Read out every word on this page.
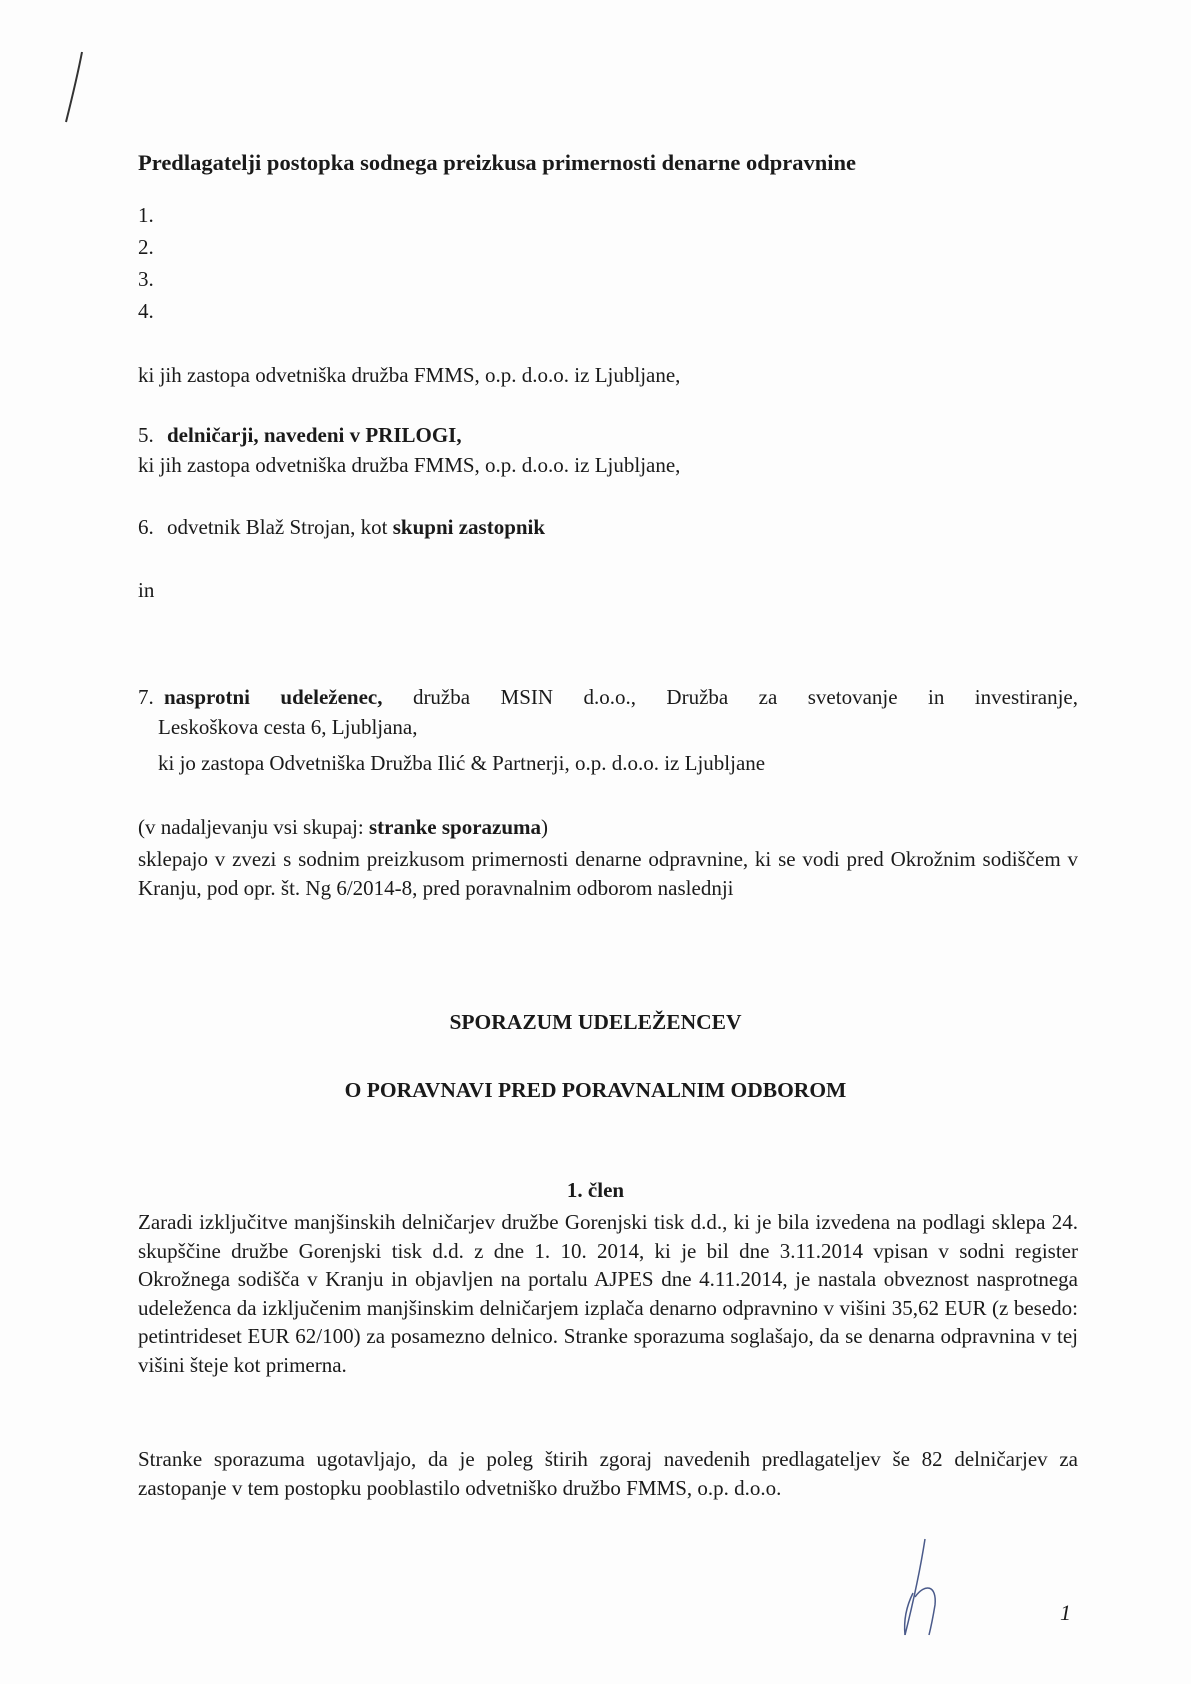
Predlagatelji postopka sodnega preizkusa primernosti denarne odpravnine
1.
2.
3.
4.
ki jih zastopa odvetniška družba FMMS, o.p. d.o.o. iz Ljubljane,
5. delničarji, navedeni v PRILOGI,
ki jih zastopa odvetniška družba FMMS, o.p. d.o.o. iz Ljubljane,
6. odvetnik Blaž Strojan, kot skupni zastopnik
in
7. nasprotni udeleženec, družba MSIN d.o.o., Družba za svetovanje in investiranje,
Leskoškova cesta 6, Ljubljana,
ki jo zastopa Odvetniška Družba Ilić & Partnerji, o.p. d.o.o. iz Ljubljane
(v nadaljevanju vsi skupaj: stranke sporazuma)
sklepajo v zvezi s sodnim preizkusom primernosti denarne odpravnine, ki se vodi pred Okrožnim sodiščem v Kranju, pod opr. št. Ng 6/2014-8, pred poravnalnim odborom naslednji
SPORAZUM UDELEŽENCEV
O PORAVNAVI PRED PORAVNALNIM ODBOROM
1. člen
Zaradi izključitve manjšinskih delničarjev družbe Gorenjski tisk d.d., ki je bila izvedena na podlagi sklepa 24. skupščine družbe Gorenjski tisk d.d. z dne 1. 10. 2014, ki je bil dne 3.11.2014 vpisan v sodni register Okrožnega sodišča v Kranju in objavljen na portalu AJPES dne 4.11.2014, je nastala obveznost nasprotnega udeleženca da izključenim manjšinskim delničarjem izplača denarno odpravnino v višini 35,62 EUR (z besedo: petintrideset EUR 62/100) za posamezno delnico. Stranke sporazuma soglašajo, da se denarna odpravnina v tej višini šteje kot primerna.
Stranke sporazuma ugotavljajo, da je poleg štirih zgoraj navedenih predlagateljev še 82 delničarjev za zastopanje v tem postopku pooblastilo odvetniško družbo FMMS, o.p. d.o.o.
1
